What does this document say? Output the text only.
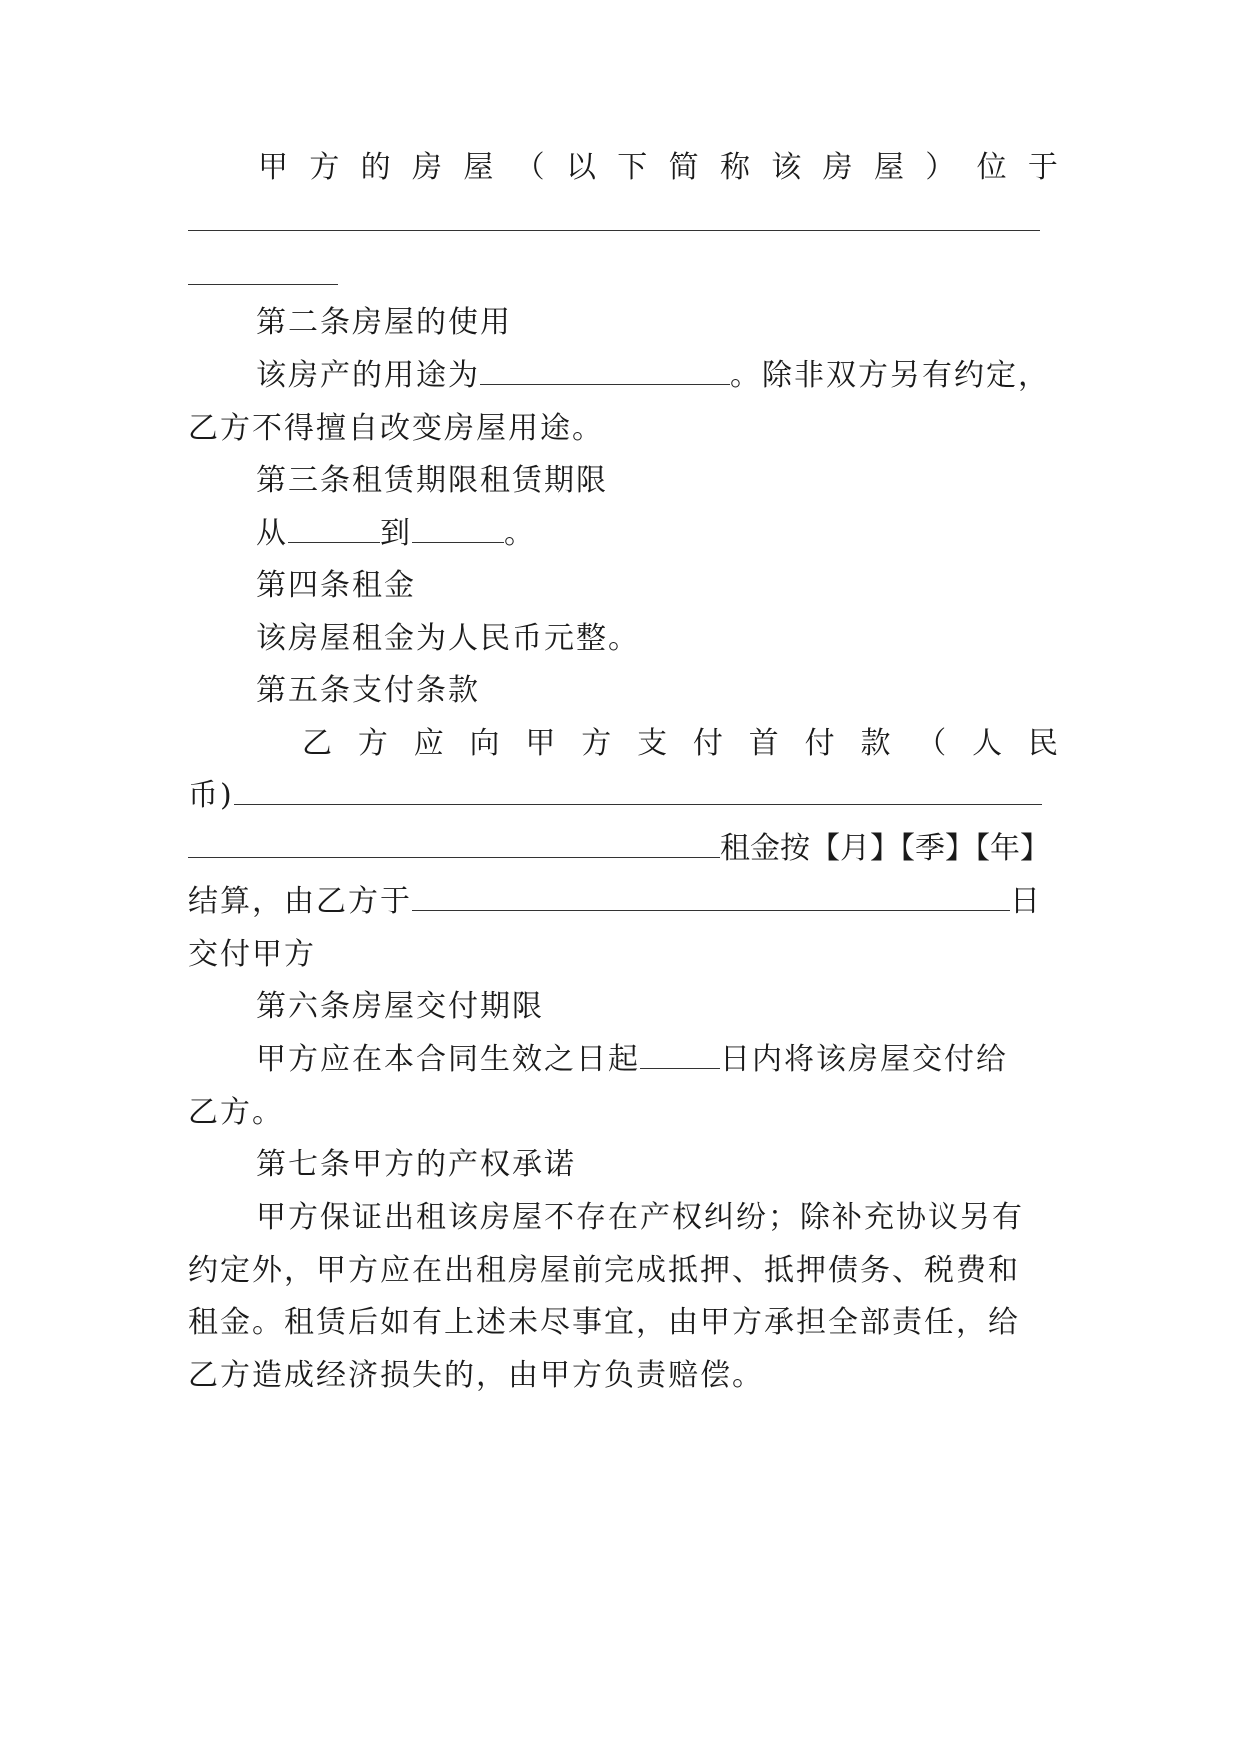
甲 方 的 房 屋 （ 以 下 简 称 该 房 屋 ） 位 于
第二条房屋的使用
该房产的用途为	。除非双方另有约定，
乙方不得擅自改变房屋用途。
第三条租赁期限租赁期限
从	到	。
第四条租金
该房屋租金为人民币元整。
第五条支付条款
乙 方 应 向 甲 方 支 付 首 付 款 （ 人 民
币)
租金按【月】【季】【年】
结算，由乙方于	日
交付甲方
第六条房屋交付期限
甲方应在本合同生效之日起	日内将该房屋交付给
乙方。
第七条甲方的产权承诺
甲方保证出租该房屋不存在产权纠纷；除补充协议另有
约定外，甲方应在出租房屋前完成抵押、抵押债务、税费和
租金。租赁后如有上述未尽事宜，由甲方承担全部责任，给
乙方造成经济损失的，由甲方负责赔偿。
